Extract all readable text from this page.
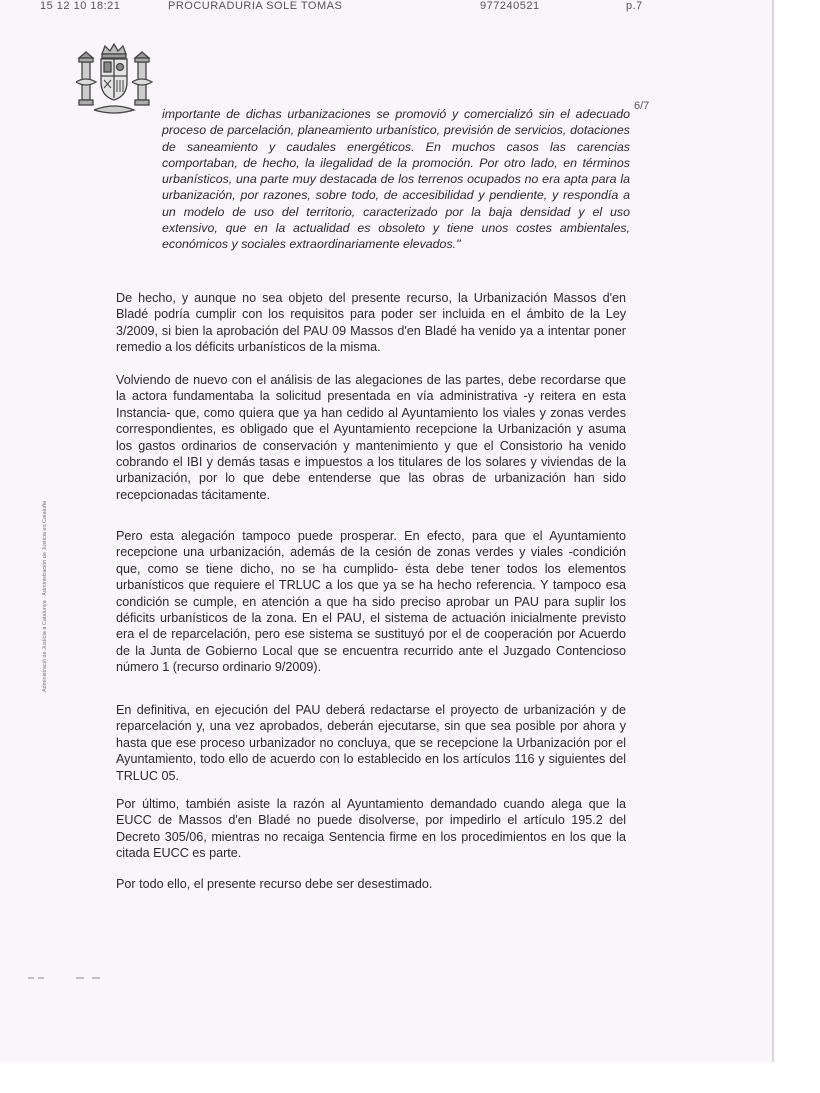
15 12 10 18:21	PROCURADURIA SOLE TOMAS	977240521	p.7
6/7
Administració de Justícia a Catalunya · Administración de Justicia en Cataluña

importante de dichas urbanizaciones se promovió y comercializó sin el adecuado proceso de parcelación, planeamiento urbanístico, previsión de servicios, dotaciones de saneamiento y caudales energéticos. En muchos casos las carencias comportaban, de hecho, la ilegalidad de la promoción. Por otro lado, en términos urbanísticos, una parte muy destacada de los terrenos ocupados no era apta para la urbanización, por razones, sobre todo, de accesibilidad y pendiente, y respondía a un modelo de uso del territorio, caracterizado por la baja densidad y el uso extensivo, que en la actualidad es obsoleto y tiene unos costes ambientales, económicos y sociales extraordinariamente elevados."

De hecho, y aunque no sea objeto del presente recurso, la Urbanización Massos d'en Bladé podría cumplir con los requisitos para poder ser incluida en el ámbito de la Ley 3/2009, si bien la aprobación del PAU 09 Massos d'en Bladé ha venido ya a intentar poner remedio a los déficits urbanísticos de la misma.

Volviendo de nuevo con el análisis de las alegaciones de las partes, debe recordarse que la actora fundamentaba la solicitud presentada en vía administrativa -y reitera en esta Instancia- que, como quiera que ya han cedido al Ayuntamiento los viales y zonas verdes correspondientes, es obligado que el Ayuntamiento recepcione la Urbanización y asuma los gastos ordinarios de conservación y mantenimiento y que el Consistorio ha venido cobrando el IBI y demás tasas e impuestos a los titulares de los solares y viviendas de la urbanización, por lo que debe entenderse que las obras de urbanización han sido recepcionadas tácitamente.

Pero esta alegación tampoco puede prosperar. En efecto, para que el Ayuntamiento recepcione una urbanización, además de la cesión de zonas verdes y viales -condición que, como se tiene dicho, no se ha cumplido- ésta debe tener todos los elementos urbanísticos que requiere el TRLUC a los que ya se ha hecho referencia. Y tampoco esa condición se cumple, en atención a que ha sido preciso aprobar un PAU para suplir los déficits urbanísticos de la zona. En el PAU, el sistema de actuación inicialmente previsto era el de reparcelación, pero ese sistema se sustituyó por el de cooperación por Acuerdo de la Junta de Gobierno Local que se encuentra recurrido ante el Juzgado Contencioso número 1 (recurso ordinario 9/2009).

En definitiva, en ejecución del PAU deberá redactarse el proyecto de urbanización y de reparcelación y, una vez aprobados, deberán ejecutarse, sin que sea posible por ahora y hasta que ese proceso urbanizador no concluya, que se recepcione la Urbanización por el Ayuntamiento, todo ello de acuerdo con lo establecido en los artículos 116 y siguientes del TRLUC 05.

Por último, también asiste la razón al Ayuntamiento demandado cuando alega que la EUCC de Massos d'en Bladé no puede disolverse, por impedirlo el artículo 195.2 del Decreto 305/06, mientras no recaiga Sentencia firme en los procedimientos en los que la citada EUCC es parte.

Por todo ello, el presente recurso debe ser desestimado.
